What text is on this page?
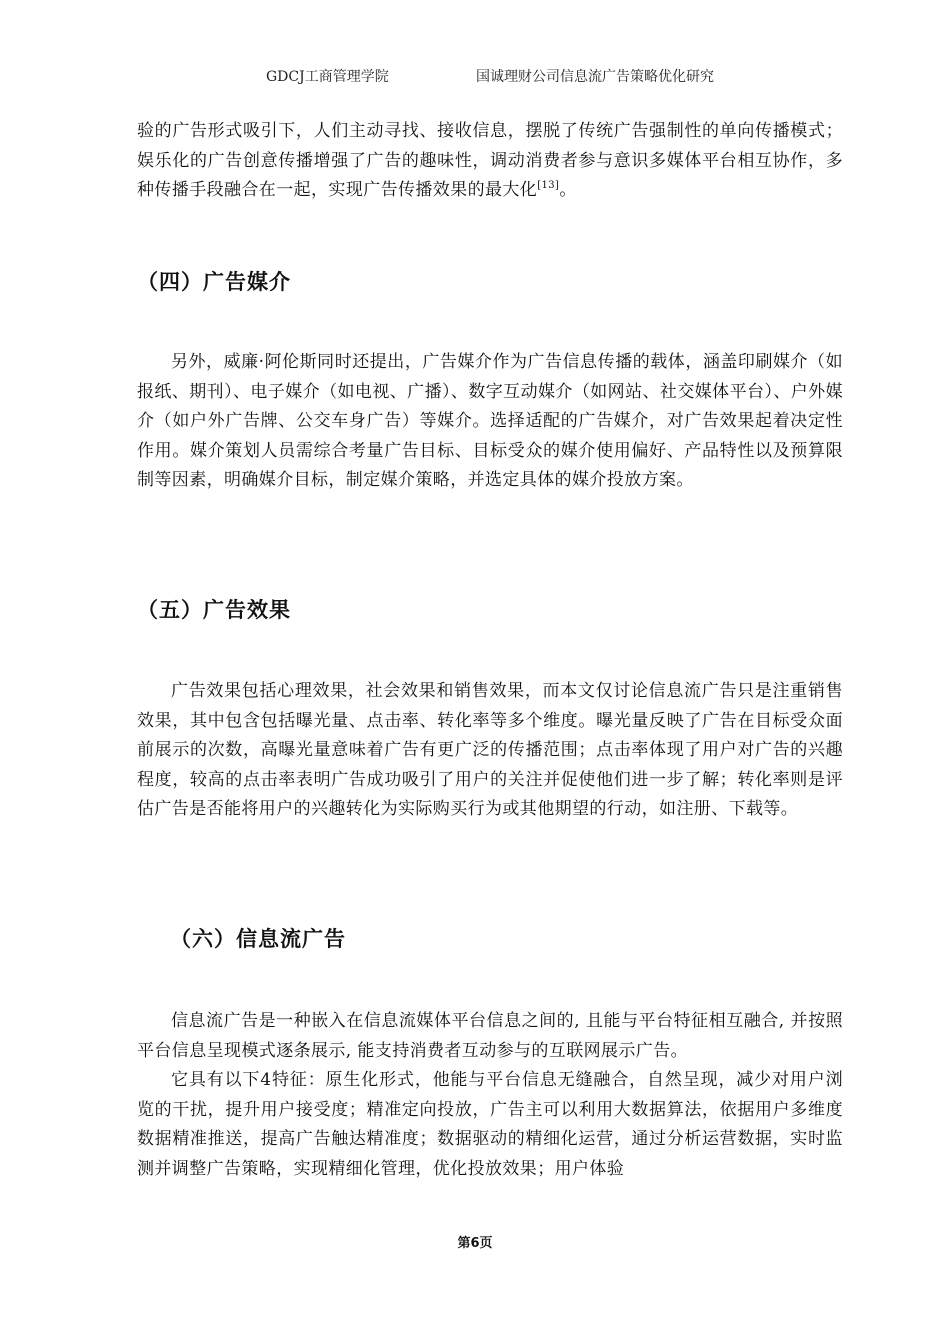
GDCJ工商管理学院	国诚理财公司信息流广告策略优化研究

验的广告形式吸引下，人们主动寻找、接收信息，摆脱了传统广告强制性的单向传播模式；娱乐化的广告创意传播增强了广告的趣味性，调动消费者参与意识多媒体平台相互协作，多种传播手段融合在一起，实现广告传播效果的最大化[13]。

（四）广告媒介

另外，威廉·阿伦斯同时还提出，广告媒介作为广告信息传播的载体，涵盖印刷媒介（如报纸、期刊）、电子媒介（如电视、广播）、数字互动媒介（如网站、社交媒体平台）、户外媒介（如户外广告牌、公交车身广告）等媒介。选择适配的广告媒介，对广告效果起着决定性作用。媒介策划人员需综合考量广告目标、目标受众的媒介使用偏好、产品特性以及预算限制等因素，明确媒介目标，制定媒介策略，并选定具体的媒介投放方案。

（五）广告效果

广告效果包括心理效果，社会效果和销售效果，而本文仅讨论信息流广告只是注重销售效果，其中包含包括曝光量、点击率、转化率等多个维度。曝光量反映了广告在目标受众面前展示的次数，高曝光量意味着广告有更广泛的传播范围；点击率体现了用户对广告的兴趣程度，较高的点击率表明广告成功吸引了用户的关注并促使他们进一步了解；转化率则是评估广告是否能将用户的兴趣转化为实际购买行为或其他期望的行动，如注册、下载等。

（六）信息流广告

信息流广告是一种嵌入在信息流媒体平台信息之间的, 且能与平台特征相互融合, 并按照平台信息呈现模式逐条展示, 能支持消费者互动参与的互联网展示广告。

它具有以下4特征：原生化形式，他能与平台信息无缝融合，自然呈现，减少对用户浏览的干扰，提升用户接受度；精准定向投放，广告主可以利用大数据算法，依据用户多维度数据精准推送，提高广告触达精准度；数据驱动的精细化运营，通过分析运营数据，实时监测并调整广告策略，实现精细化管理，优化投放效果；用户体验

第6页
